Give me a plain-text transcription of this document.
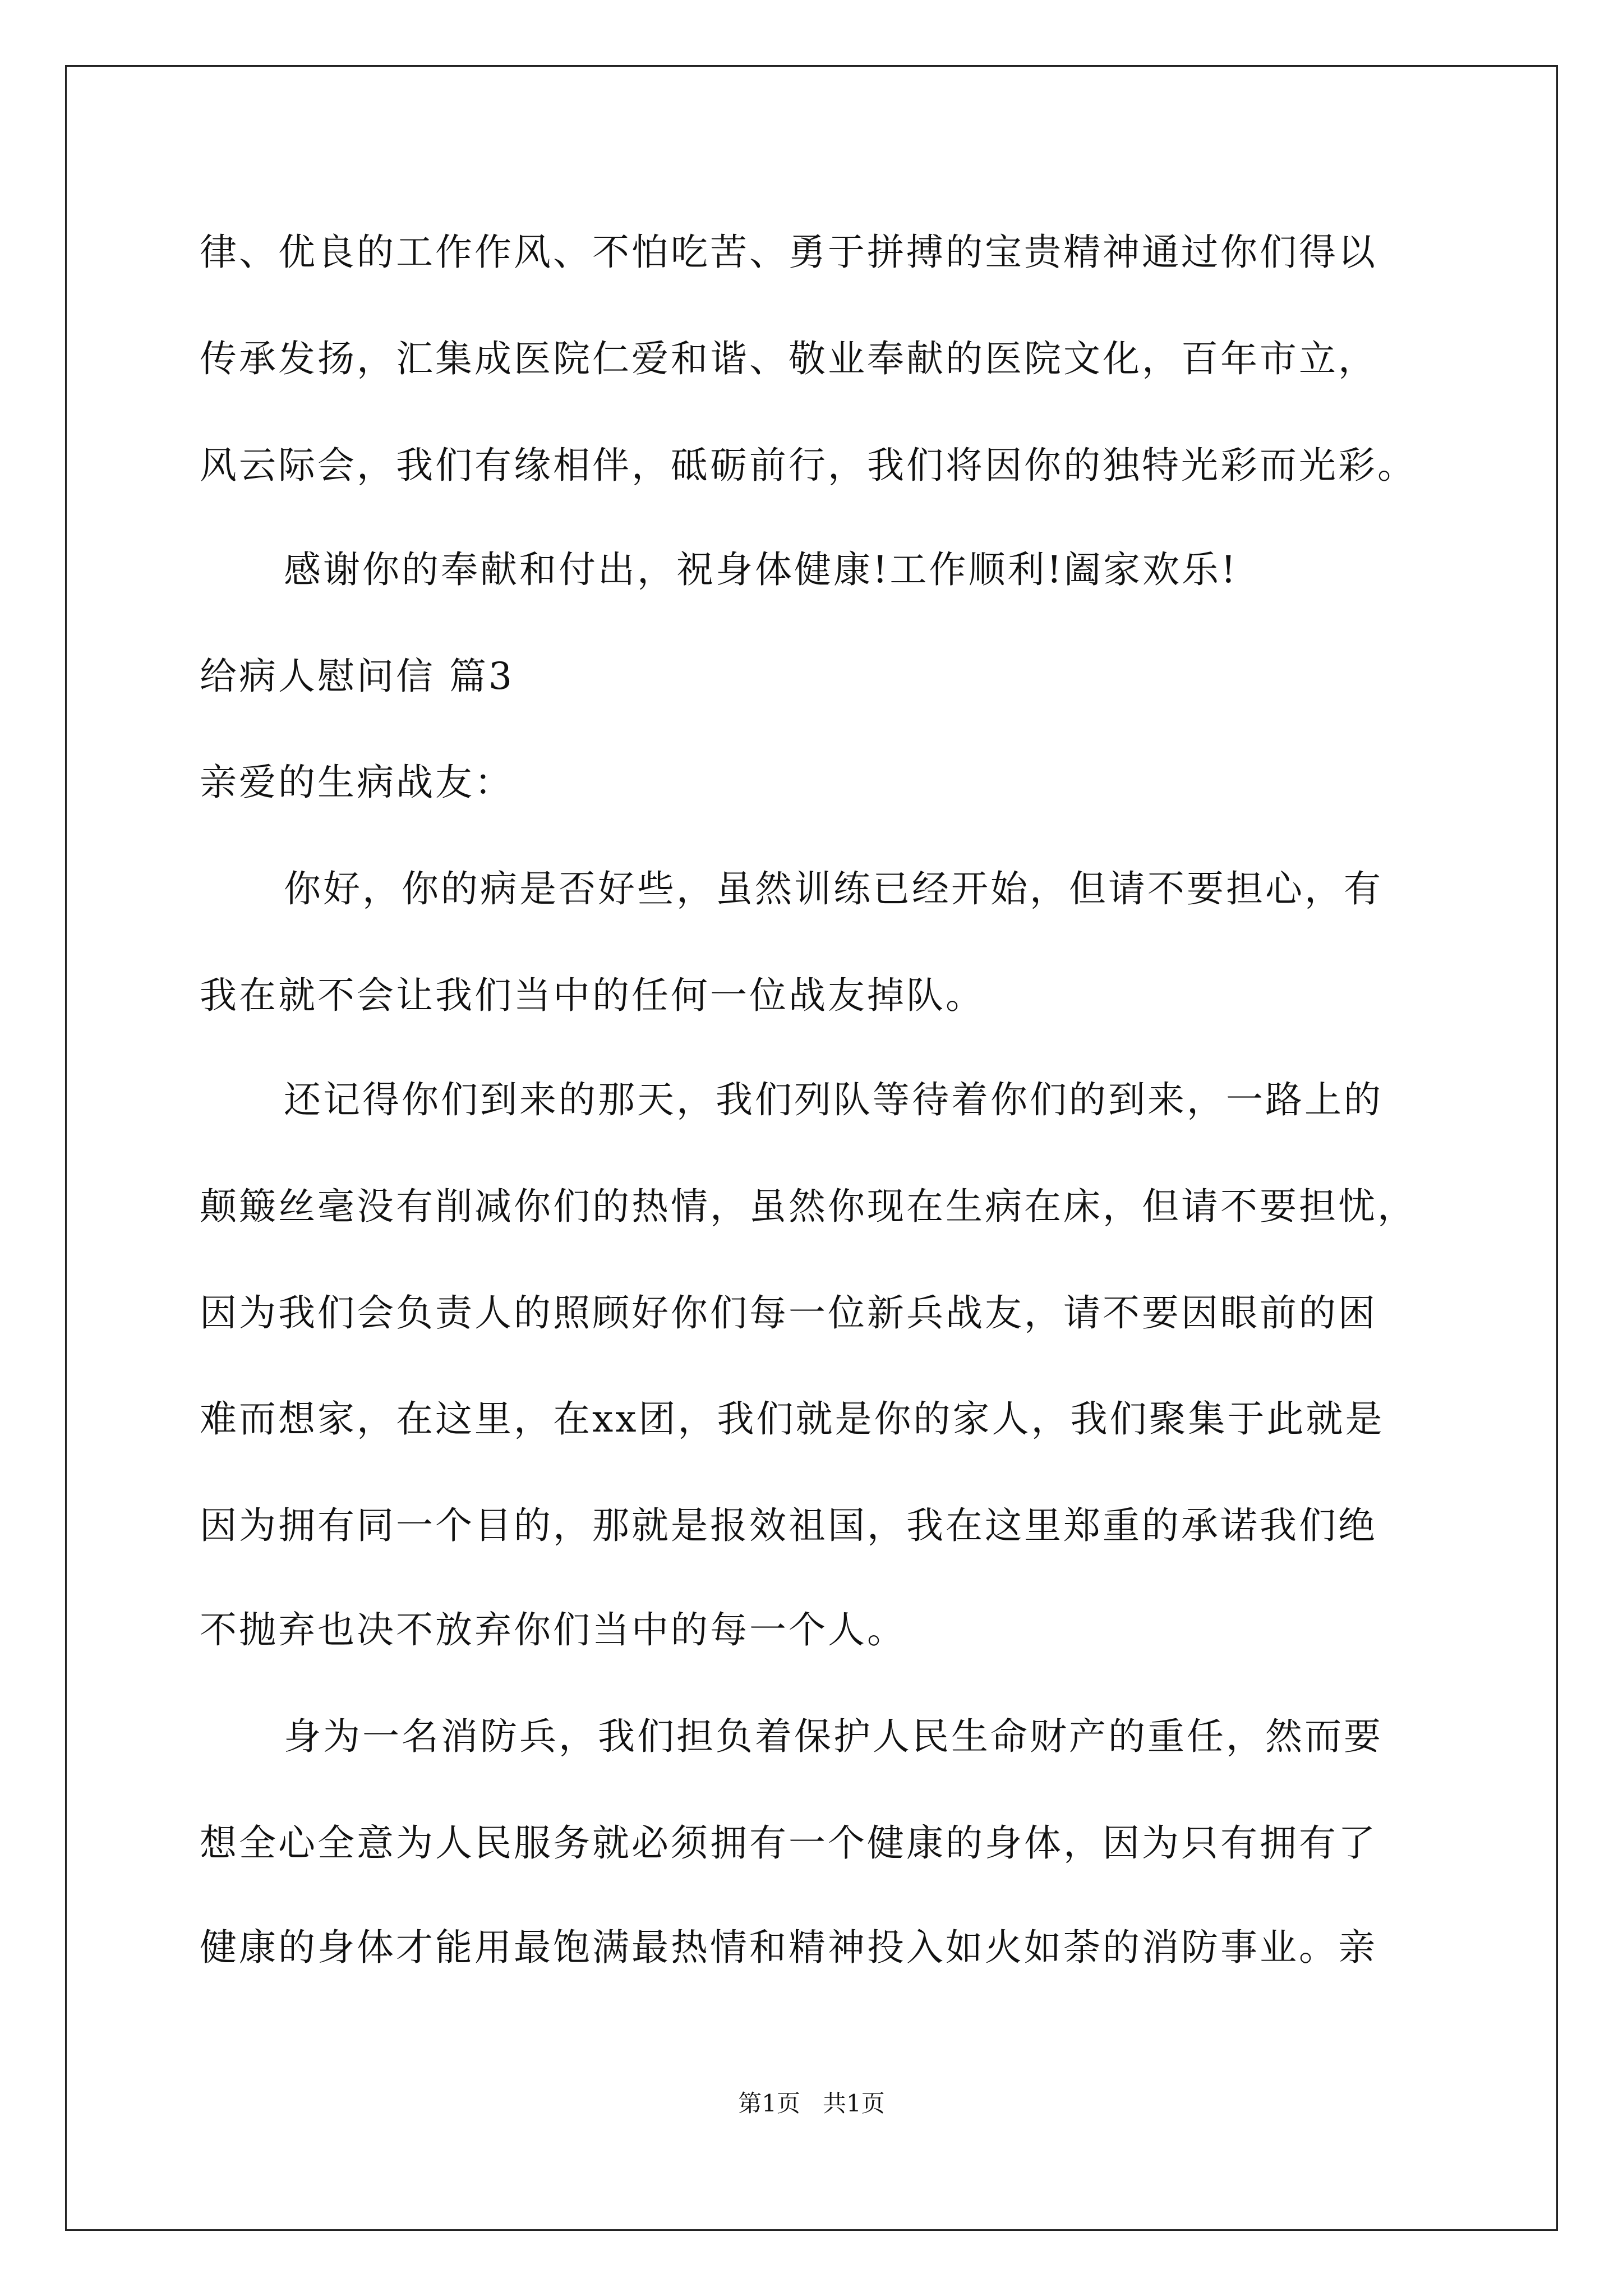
律、优良的工作作风、不怕吃苦、勇于拼搏的宝贵精神通过你们得以
传承发扬，汇集成医院仁爱和谐、敬业奉献的医院文化，百年市立，
风云际会，我们有缘相伴，砥砺前行，我们将因你的独特光彩而光彩。
感谢你的奉献和付出，祝身体健康!工作顺利!阖家欢乐!
给病人慰问信 篇3
亲爱的生病战友：
你好，你的病是否好些，虽然训练已经开始，但请不要担心，有
我在就不会让我们当中的任何一位战友掉队。
还记得你们到来的那天，我们列队等待着你们的到来，一路上的
颠簸丝毫没有削减你们的热情，虽然你现在生病在床，但请不要担忧，
因为我们会负责人的照顾好你们每一位新兵战友，请不要因眼前的困
难而想家，在这里，在xx团，我们就是你的家人，我们聚集于此就是
因为拥有同一个目的，那就是报效祖国，我在这里郑重的承诺我们绝
不抛弃也决不放弃你们当中的每一个人。
身为一名消防兵，我们担负着保护人民生命财产的重任，然而要
想全心全意为人民服务就必须拥有一个健康的身体，因为只有拥有了
健康的身体才能用最饱满最热情和精神投入如火如荼的消防事业。亲
第1页   共1页
